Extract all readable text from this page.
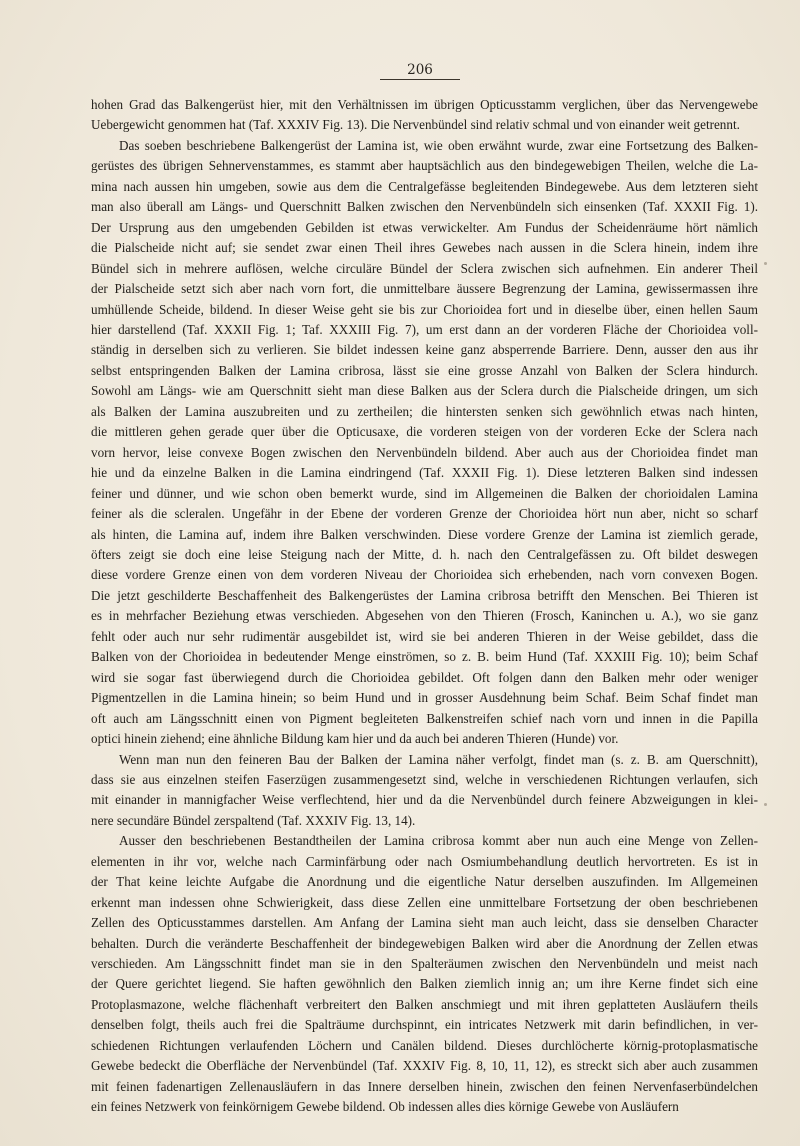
206

hohen Grad das Balkengerüst hier, mit den Verhältnissen im übrigen Opticusstamm verglichen, über das Nervengewebe

Uebergewicht genommen hat (Taf. XXXIV Fig. 13). Die Nervenbündel sind relativ schmal und von einander weit getrennt.

Das soeben beschriebene Balkengerüst der Lamina ist, wie oben erwähnt wurde, zwar eine Fortsetzung des Balken-

gerüstes des übrigen Sehnervenstammes, es stammt aber hauptsächlich aus den bindegewebigen Theilen, welche die La-

mina nach aussen hin umgeben, sowie aus dem die Centralgefässe begleitenden Bindegewebe. Aus dem letzteren sieht

man also überall am Längs- und Querschnitt Balken zwischen den Nervenbündeln sich einsenken (Taf. XXXII Fig. 1).

Der Ursprung aus den umgebenden Gebilden ist etwas verwickelter. Am Fundus der Scheidenräume hört nämlich

die Pialscheide nicht auf; sie sendet zwar einen Theil ihres Gewebes nach aussen in die Sclera hinein, indem ihre

Bündel sich in mehrere auflösen, welche circuläre Bündel der Sclera zwischen sich aufnehmen. Ein anderer Theil

der Pialscheide setzt sich aber nach vorn fort, die unmittelbare äussere Begrenzung der Lamina, gewissermassen ihre

umhüllende Scheide, bildend. In dieser Weise geht sie bis zur Chorioidea fort und in dieselbe über, einen hellen Saum

hier darstellend (Taf. XXXII Fig. 1; Taf. XXXIII Fig. 7), um erst dann an der vorderen Fläche der Chorioidea voll-

ständig in derselben sich zu verlieren. Sie bildet indessen keine ganz absperrende Barriere. Denn, ausser den aus ihr

selbst entspringenden Balken der Lamina cribrosa, lässt sie eine grosse Anzahl von Balken der Sclera hindurch.

Sowohl am Längs- wie am Querschnitt sieht man diese Balken aus der Sclera durch die Pialscheide dringen, um sich

als Balken der Lamina auszubreiten und zu zertheilen; die hintersten senken sich gewöhnlich etwas nach hinten,

die mittleren gehen gerade quer über die Opticusaxe, die vorderen steigen von der vorderen Ecke der Sclera nach

vorn hervor, leise convexe Bogen zwischen den Nervenbündeln bildend. Aber auch aus der Chorioidea findet man

hie und da einzelne Balken in die Lamina eindringend (Taf. XXXII Fig. 1). Diese letzteren Balken sind indessen

feiner und dünner, und wie schon oben bemerkt wurde, sind im Allgemeinen die Balken der chorioidalen Lamina

feiner als die scleralen. Ungefähr in der Ebene der vorderen Grenze der Chorioidea hört nun aber, nicht so scharf

als hinten, die Lamina auf, indem ihre Balken verschwinden. Diese vordere Grenze der Lamina ist ziemlich gerade,

öfters zeigt sie doch eine leise Steigung nach der Mitte, d. h. nach den Centralgefässen zu. Oft bildet deswegen

diese vordere Grenze einen von dem vorderen Niveau der Chorioidea sich erhebenden, nach vorn convexen Bogen.

Die jetzt geschilderte Beschaffenheit des Balkengerüstes der Lamina cribrosa betrifft den Menschen. Bei Thieren ist

es in mehrfacher Beziehung etwas verschieden. Abgesehen von den Thieren (Frosch, Kaninchen u. A.), wo sie ganz

fehlt oder auch nur sehr rudimentär ausgebildet ist, wird sie bei anderen Thieren in der Weise gebildet, dass die

Balken von der Chorioidea in bedeutender Menge einströmen, so z. B. beim Hund (Taf. XXXIII Fig. 10); beim Schaf

wird sie sogar fast überwiegend durch die Chorioidea gebildet. Oft folgen dann den Balken mehr oder weniger

Pigmentzellen in die Lamina hinein; so beim Hund und in grosser Ausdehnung beim Schaf. Beim Schaf findet man

oft auch am Längsschnitt einen von Pigment begleiteten Balkenstreifen schief nach vorn und innen in die Papilla

optici hinein ziehend; eine ähnliche Bildung kam hier und da auch bei anderen Thieren (Hunde) vor.

Wenn man nun den feineren Bau der Balken der Lamina näher verfolgt, findet man (s. z. B. am Querschnitt),

dass sie aus einzelnen steifen Faserzügen zusammengesetzt sind, welche in verschiedenen Richtungen verlaufen, sich

mit einander in mannigfacher Weise verflechtend, hier und da die Nervenbündel durch feinere Abzweigungen in klei-

nere secundäre Bündel zerspaltend (Taf. XXXIV Fig. 13, 14).

Ausser den beschriebenen Bestandtheilen der Lamina cribrosa kommt aber nun auch eine Menge von Zellen-

elementen in ihr vor, welche nach Carminfärbung oder nach Osmiumbehandlung deutlich hervortreten. Es ist in

der That keine leichte Aufgabe die Anordnung und die eigentliche Natur derselben auszufinden. Im Allgemeinen

erkennt man indessen ohne Schwierigkeit, dass diese Zellen eine unmittelbare Fortsetzung der oben beschriebenen

Zellen des Opticusstammes darstellen. Am Anfang der Lamina sieht man auch leicht, dass sie denselben Character

behalten. Durch die veränderte Beschaffenheit der bindegewebigen Balken wird aber die Anordnung der Zellen etwas

verschieden. Am Längsschnitt findet man sie in den Spalteräumen zwischen den Nervenbündeln und meist nach

der Quere gerichtet liegend. Sie haften gewöhnlich den Balken ziemlich innig an; um ihre Kerne findet sich eine

Protoplasmazone, welche flächenhaft verbreitert den Balken anschmiegt und mit ihren geplatteten Ausläufern theils

denselben folgt, theils auch frei die Spalträume durchspinnt, ein intricates Netzwerk mit darin befindlichen, in ver-

schiedenen Richtungen verlaufenden Löchern und Canälen bildend. Dieses durchlöcherte körnig-protoplasmatische

Gewebe bedeckt die Oberfläche der Nervenbündel (Taf. XXXIV Fig. 8, 10, 11, 12), es streckt sich aber auch zusammen

mit feinen fadenartigen Zellenausläufern in das Innere derselben hinein, zwischen den feinen Nervenfaserbündelchen

ein feines Netzwerk von feinkörnigem Gewebe bildend. Ob indessen alles dies körnige Gewebe von Ausläufern
